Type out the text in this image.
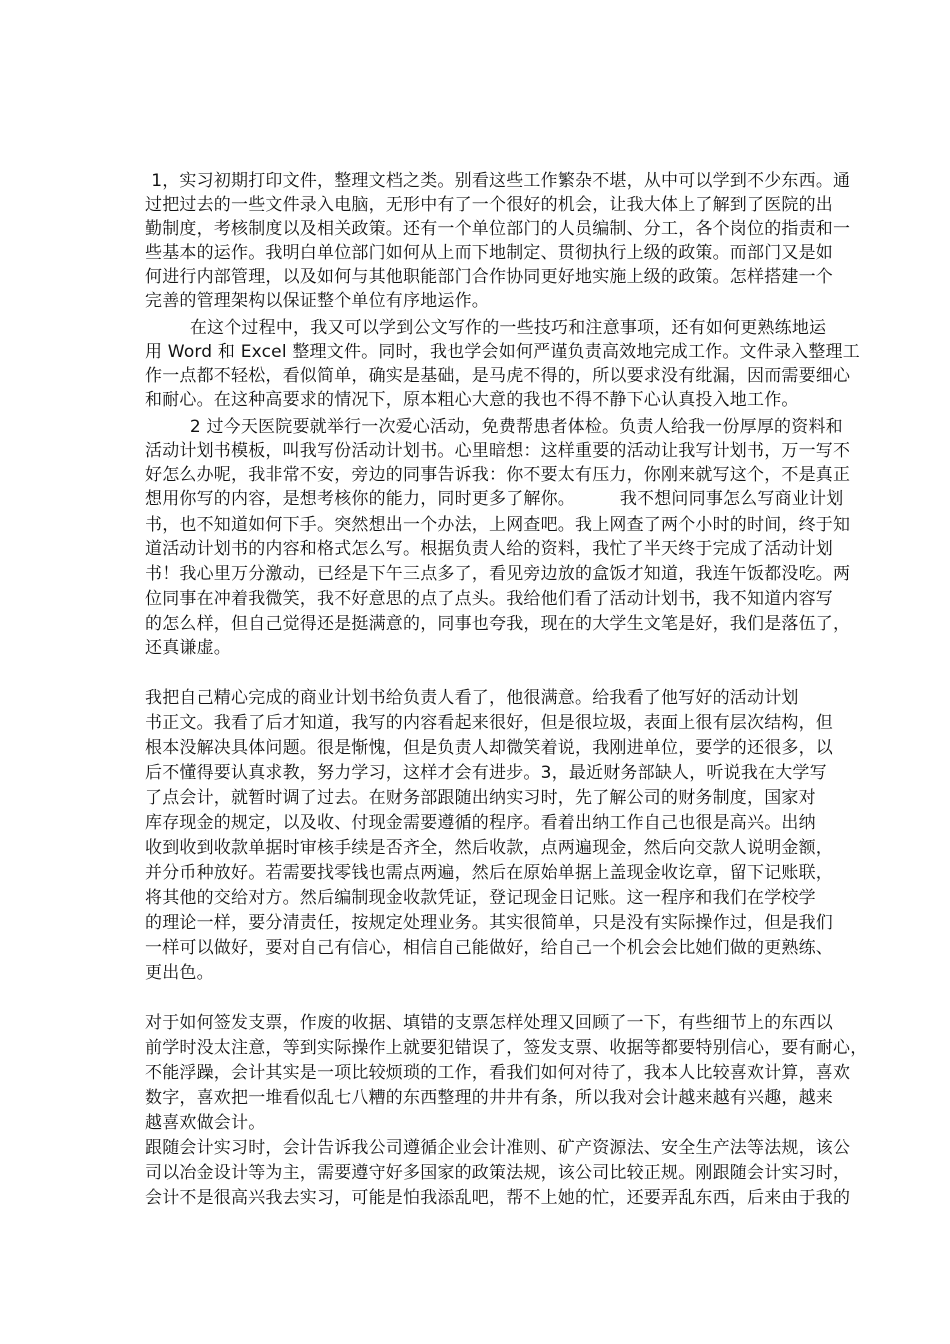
1，实习初期打印文件，整理文档之类。别看这些工作繁杂不堪，从中可以学到不少东西。通
过把过去的一些文件录入电脑，无形中有了一个很好的机会，让我大体上了解到了医院的出
勤制度，考核制度以及相关政策。还有一个单位部门的人员编制、分工，各个岗位的指责和一
些基本的运作。我明白单位部门如何从上而下地制定、贯彻执行上级的政策。而部门又是如
何进行内部管理，以及如何与其他职能部门合作协同更好地实施上级的政策。怎样搭建一个
完善的管理架构以保证整个单位有序地运作。
在这个过程中，我又可以学到公文写作的一些技巧和注意事项，还有如何更熟练地运
用 Word 和 Excel 整理文件。同时，我也学会如何严谨负责高效地完成工作。文件录入整理工
作一点都不轻松，看似简单，确实是基础，是马虎不得的，所以要求没有纰漏，因而需要细心
和耐心。在这种高要求的情况下，原本粗心大意的我也不得不静下心认真投入地工作。
2 过今天医院要就举行一次爱心活动，免费帮患者体检。负责人给我一份厚厚的资料和
活动计划书模板，叫我写份活动计划书。心里暗想：这样重要的活动让我写计划书，万一写不
好怎么办呢，我非常不安，旁边的同事告诉我：你不要太有压力，你刚来就写这个，不是真正
想用你写的内容，是想考核你的能力，同时更多了解你。        我不想问同事怎么写商业计划
书，也不知道如何下手。突然想出一个办法，上网查吧。我上网查了两个小时的时间，终于知
道活动计划书的内容和格式怎么写。根据负责人给的资料，我忙了半天终于完成了活动计划
书！我心里万分激动，已经是下午三点多了，看见旁边放的盒饭才知道，我连午饭都没吃。两
位同事在冲着我微笑，我不好意思的点了点头。我给他们看了活动计划书，我不知道内容写
的怎么样，但自己觉得还是挺满意的，同事也夸我，现在的大学生文笔是好，我们是落伍了，
还真谦虚。
我把自己精心完成的商业计划书给负责人看了，他很满意。给我看了他写好的活动计划
书正文。我看了后才知道，我写的内容看起来很好，但是很垃圾，表面上很有层次结构，但
根本没解决具体问题。很是惭愧，但是负责人却微笑着说，我刚进单位，要学的还很多，以
后不懂得要认真求教，努力学习，这样才会有进步。3，最近财务部缺人，听说我在大学写
了点会计，就暂时调了过去。在财务部跟随出纳实习时，先了解公司的财务制度，国家对
库存现金的规定，以及收、付现金需要遵循的程序。看着出纳工作自己也很是高兴。出纳
收到收到收款单据时审核手续是否齐全，然后收款，点两遍现金，然后向交款人说明金额，
并分币种放好。若需要找零钱也需点两遍，然后在原始单据上盖现金收讫章，留下记账联，
将其他的交给对方。然后编制现金收款凭证，登记现金日记账。这一程序和我们在学校学
的理论一样，要分清责任，按规定处理业务。其实很简单，只是没有实际操作过，但是我们
一样可以做好，要对自己有信心，相信自己能做好，给自己一个机会会比她们做的更熟练、
更出色。
对于如何签发支票，作废的收据、填错的支票怎样处理又回顾了一下，有些细节上的东西以
前学时没太注意，等到实际操作上就要犯错误了，签发支票、收据等都要特别信心，要有耐心，
不能浮躁，会计其实是一项比较烦琐的工作，看我们如何对待了，我本人比较喜欢计算，喜欢
数字，喜欢把一堆看似乱七八糟的东西整理的井井有条，所以我对会计越来越有兴趣，越来
越喜欢做会计。
跟随会计实习时，会计告诉我公司遵循企业会计准则、矿产资源法、安全生产法等法规，该公
司以冶金设计等为主，需要遵守好多国家的政策法规，该公司比较正规。刚跟随会计实习时，
会计不是很高兴我去实习，可能是怕我添乱吧，帮不上她的忙，还要弄乱东西，后来由于我的
